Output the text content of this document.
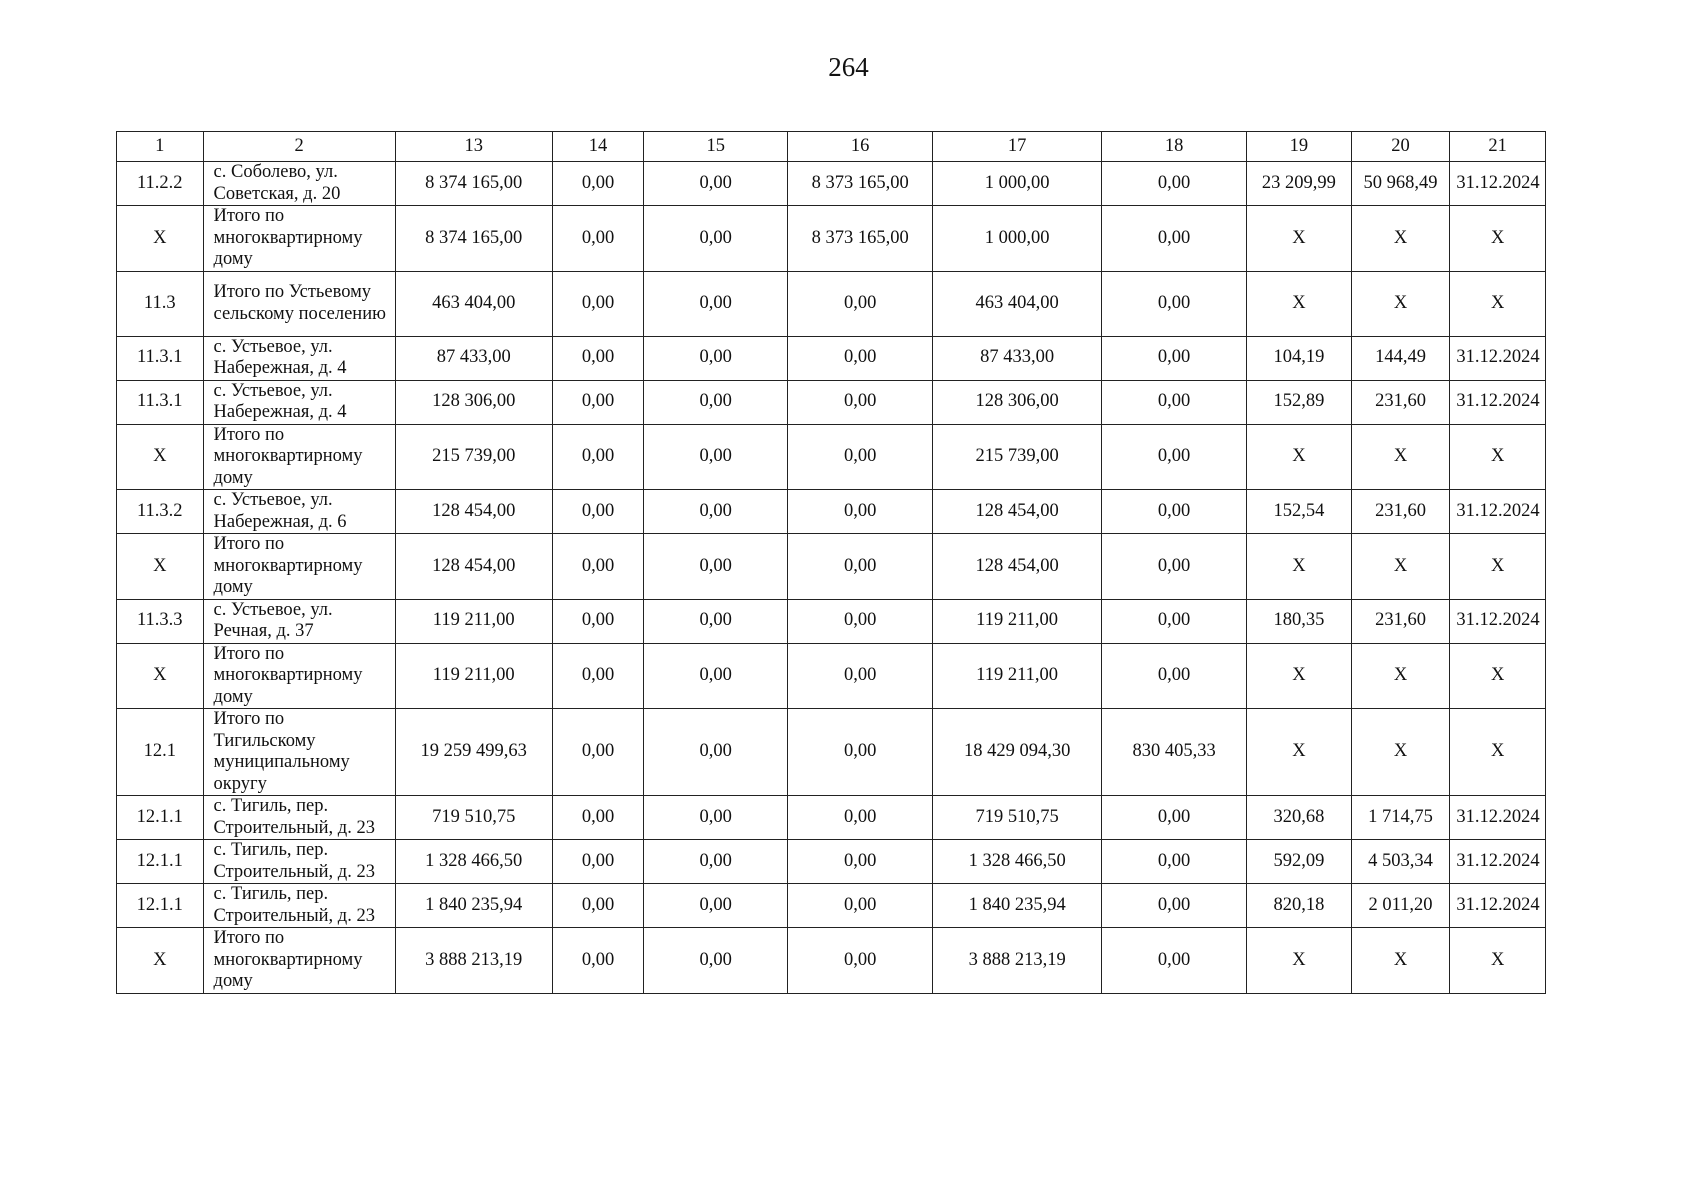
264
1	2	13	14	15	16	17	18	19	20	21
11.2.2	с. Соболево, ул. Советская, д. 20	8 374 165,00	0,00	0,00	8 373 165,00	1 000,00	0,00	23 209,99	50 968,49	31.12.2024
Х	Итого по многоквартирному дому	8 374 165,00	0,00	0,00	8 373 165,00	1 000,00	0,00	Х	Х	Х
11.3	Итого по Устьевому сельскому поселению	463 404,00	0,00	0,00	0,00	463 404,00	0,00	Х	Х	Х
11.3.1	с. Устьевое, ул. Набережная, д. 4	87 433,00	0,00	0,00	0,00	87 433,00	0,00	104,19	144,49	31.12.2024
11.3.1	с. Устьевое, ул. Набережная, д. 4	128 306,00	0,00	0,00	0,00	128 306,00	0,00	152,89	231,60	31.12.2024
Х	Итого по многоквартирному дому	215 739,00	0,00	0,00	0,00	215 739,00	0,00	Х	Х	Х
11.3.2	с. Устьевое, ул. Набережная, д. 6	128 454,00	0,00	0,00	0,00	128 454,00	0,00	152,54	231,60	31.12.2024
Х	Итого по многоквартирному дому	128 454,00	0,00	0,00	0,00	128 454,00	0,00	Х	Х	Х
11.3.3	с. Устьевое, ул. Речная, д. 37	119 211,00	0,00	0,00	0,00	119 211,00	0,00	180,35	231,60	31.12.2024
Х	Итого по многоквартирному дому	119 211,00	0,00	0,00	0,00	119 211,00	0,00	Х	Х	Х
12.1	Итого по Тигильскому муниципальному округу	19 259 499,63	0,00	0,00	0,00	18 429 094,30	830 405,33	Х	Х	Х
12.1.1	с. Тигиль, пер. Строительный, д. 23	719 510,75	0,00	0,00	0,00	719 510,75	0,00	320,68	1 714,75	31.12.2024
12.1.1	с. Тигиль, пер. Строительный, д. 23	1 328 466,50	0,00	0,00	0,00	1 328 466,50	0,00	592,09	4 503,34	31.12.2024
12.1.1	с. Тигиль, пер. Строительный, д. 23	1 840 235,94	0,00	0,00	0,00	1 840 235,94	0,00	820,18	2 011,20	31.12.2024
Х	Итого по многоквартирному дому	3 888 213,19	0,00	0,00	0,00	3 888 213,19	0,00	Х	Х	Х
